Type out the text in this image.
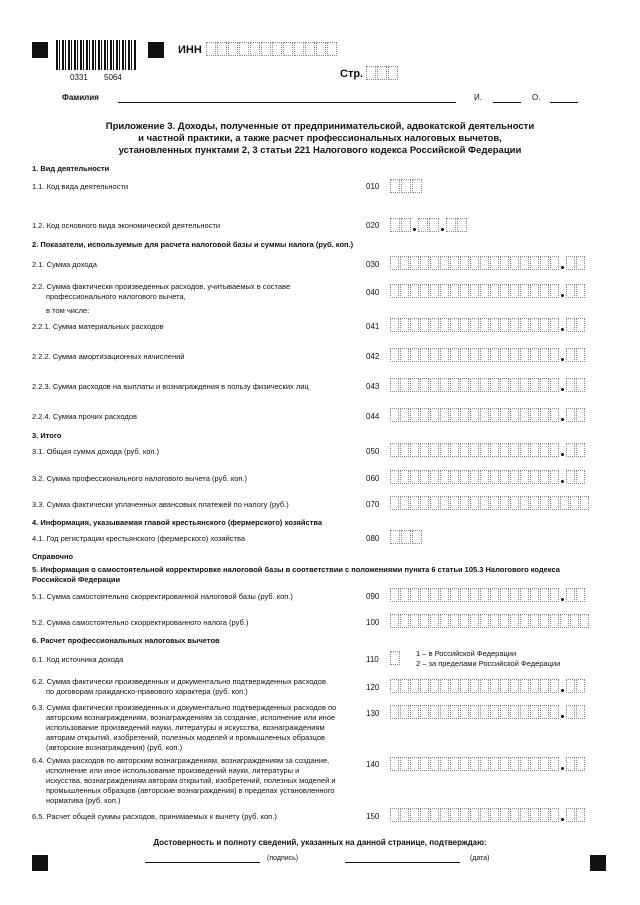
0331 5064
ИНН
Стр.
Фамилия	И.	О.
Приложение 3. Доходы, полученные от предпринимательской, адвокатской деятельности
и частной практики, а также расчет профессиональных налоговых вычетов,
установленных пунктами 2, 3 статьи 221 Налогового кодекса Российской Федерации
1. Вид деятельности
1.1. Код вида деятельности	010
1.2. Код основного вида экономической деятельности	020
2. Показатели, используемые для расчета налоговой базы и суммы налога (руб. коп.)
2.1. Сумма дохода	030
2.2. Сумма фактически произведенных расходов, учитываемых в составе
профессионального налогового вычета,
в том числе:
040
2.2.1. Сумма материальных расходов	041
2.2.2. Сумма амортизационных начислений	042
2.2.3. Сумма расходов на выплаты и вознаграждения в пользу физических лиц	043
2.2.4. Сумма прочих расходов	044
3. Итого
3.1. Общая сумма дохода (руб. коп.)	050
3.2. Сумма профессионального налогового вычета (руб. коп.)	060
3.3. Сумма фактически уплаченных авансовых платежей по налогу (руб.)	070
4. Информация, указываемая главой крестьянского (фермерского) хозяйства
4.1. Год регистрации крестьянского (фермерского) хозяйства	080
Справочно
5. Информация о самостоятельной корректировке налоговой базы в соответствии с положениями пункта 6 статьи 105.3 Налогового кодекса
Российской Федерации
5.1. Сумма самостоятельно скорректированной налоговой базы (руб. коп.)	090
5.2. Сумма самостоятельно скорректированного налога (руб.)	100
6. Расчет профессиональных налоговых вычетов
6.1. Код источника дохода	110
1 – в Российской Федерации
2 – за пределами Российской Федерации
6.2. Сумма фактически произведенных и документально подтвержденных расходов
по договорам гражданско-правового характера (руб. коп.)	120
6.3. Сумма фактически произведенных и документально подтвержденных расходов по
авторским вознаграждениям, вознаграждениям за создание, исполнение или иное
использование произведений науки, литературы и искусства, вознаграждениям
авторам открытий, изобретений, полезных моделей и промышленных образцов
(авторские вознаграждения) (руб. коп.)
130
6.4. Сумма расходов по авторским вознаграждениям, вознаграждениям за создание,
исполнение или иное использование произведений науки, литературы и
искусства, вознаграждениям авторам открытий, изобретений, полезных моделей и
промышленных образцов (авторские вознаграждения) в пределах установленного
норматива (руб. коп.)
140
6.5. Расчет общей суммы расходов, принимаемых к вычету (руб. коп.)	150
Достоверность и полноту сведений, указанных на данной странице, подтверждаю:
(подпись)	(дата)
